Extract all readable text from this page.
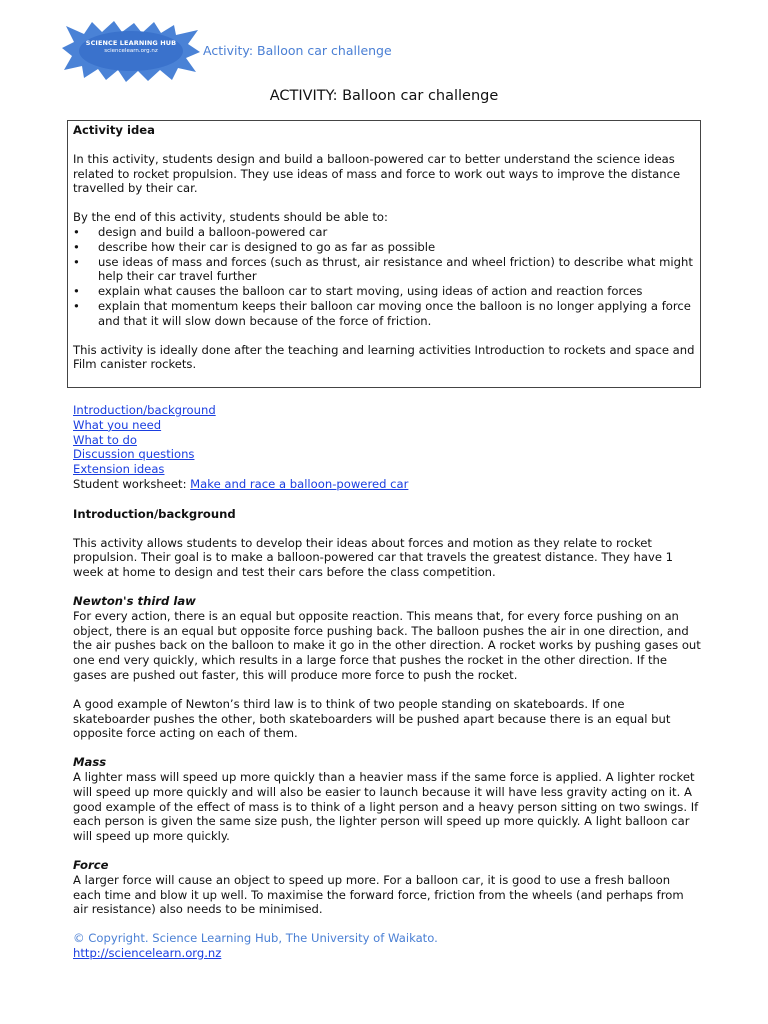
SCIENCE LEARNING HUB
sciencelearn.org.nz	Activity: Balloon car challenge
ACTIVITY: Balloon car challenge

Activity idea

In this activity, students design and build a balloon-powered car to better understand the science ideas related to rocket propulsion. They use ideas of mass and force to work out ways to improve the distance travelled by their car.

By the end of this activity, students should be able to:

• design and build a balloon-powered car
• describe how their car is designed to go as far as possible
• use ideas of mass and forces (such as thrust, air resistance and wheel friction) to describe what might help their car travel further
• explain what causes the balloon car to start moving, using ideas of action and reaction forces
• explain that momentum keeps their balloon car moving once the balloon is no longer applying a force and that it will slow down because of the force of friction.

This activity is ideally done after the teaching and learning activities Introduction to rockets and space and Film canister rockets.

Introduction/background
What you need
What to do
Discussion questions
Extension ideas
Student worksheet: Make and race a balloon-powered car

Introduction/background

This activity allows students to develop their ideas about forces and motion as they relate to rocket propulsion. Their goal is to make a balloon-powered car that travels the greatest distance. They have 1 week at home to design and test their cars before the class competition.

Newton's third law

For every action, there is an equal but opposite reaction. This means that, for every force pushing on an object, there is an equal but opposite force pushing back. The balloon pushes the air in one direction, and the air pushes back on the balloon to make it go in the other direction. A rocket works by pushing gases out one end very quickly, which results in a large force that pushes the rocket in the other direction. If the gases are pushed out faster, this will produce more force to push the rocket.

A good example of Newton’s third law is to think of two people standing on skateboards. If one skateboarder pushes the other, both skateboarders will be pushed apart because there is an equal but opposite force acting on each of them.

Mass

A lighter mass will speed up more quickly than a heavier mass if the same force is applied. A lighter rocket will speed up more quickly and will also be easier to launch because it will have less gravity acting on it. A good example of the effect of mass is to think of a light person and a heavy person sitting on two swings. If each person is given the same size push, the lighter person will speed up more quickly. A light balloon car will speed up more quickly.

Force

A larger force will cause an object to speed up more. For a balloon car, it is good to use a fresh balloon each time and blow it up well. To maximise the forward force, friction from the wheels (and perhaps from air resistance) also needs to be minimised.

© Copyright. Science Learning Hub, The University of Waikato.

http://sciencelearn.org.nz
